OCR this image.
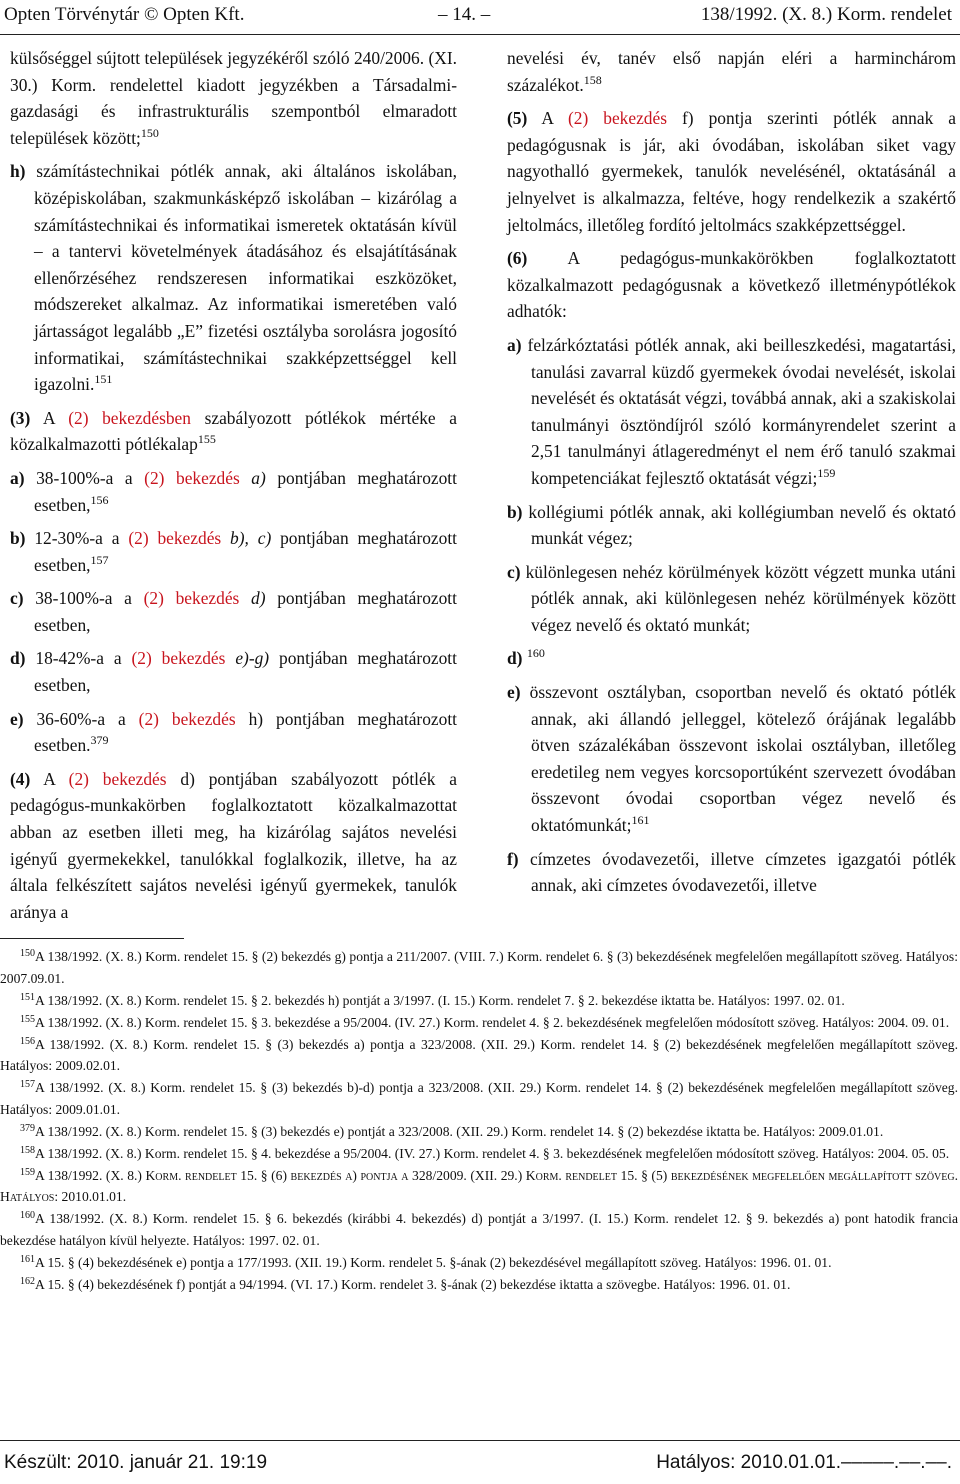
Opten Törvénytár © Opten Kft.	– 14. –	138/1992. (X. 8.) Korm. rendelet

külsőséggel sújtott települések jegyzékéről szóló 240/2006. (XI. 30.) Korm. rendelettel kiadott jegyzékben a Társadalmi-gazdasági és infrastrukturális szempontból elmaradott települések között;$^{150}$

h) számítástechnikai pótlék annak, aki általános iskolában, középiskolában, szakmunkásképző iskolában – kizárólag a számítástechnikai és informatikai ismeretek oktatásán kívül – a tantervi követelmények átadásához és elsajátításának ellenőrzéséhez rendszeresen informatikai eszközöket, módszereket alkalmaz. Az informatikai ismeretében való jártasságot legalább „E” fizetési osztályba sorolásra jogosító informatikai, számítástechnikai szakképzettséggel kell igazolni.$^{151}$

(3) A (2) bekezdésben szabályozott pótlékok mértéke a közalkalmazotti pótlékalap$^{155}$

a) 38-100%-a a (2) bekezdés a) pontjában meghatározott esetben,$^{156}$

b) 12-30%-a a (2) bekezdés b), c) pontjában meghatározott esetben,$^{157}$

c) 38-100%-a a (2) bekezdés d) pontjában meghatározott esetben,

d) 18-42%-a a (2) bekezdés e)-g) pontjában meghatározott esetben,

e) 36-60%-a a (2) bekezdés h) pontjában meghatározott esetben.$^{379}$

(4) A (2) bekezdés d) pontjában szabályozott pótlék a pedagógus-munkakörben foglalkoztatott közalkalmazottat abban az esetben illeti meg, ha kizárólag sajátos nevelési igényű gyermekekkel, tanulókkal foglalkozik, illetve, ha az általa felkészített sajátos nevelési igényű gyermekek, tanulók aránya a

nevelési év, tanév első napján eléri a harminchárom százalékot.$^{158}$

(5) A (2) bekezdés f) pontja szerinti pótlék annak a pedagógusnak is jár, aki óvodában, iskolában siket vagy nagyothalló gyermekek, tanulók nevelésénél, oktatásánál a jelnyelvet is alkalmazza, feltéve, hogy rendelkezik a szakértő jeltolmács, illetőleg fordító jeltolmács szakképzettséggel.

(6) A pedagógus-munkakörökben foglalkoztatott közalkalmazott pedagógusnak a következő illetménypótlékok adhatók:

a) felzárkóztatási pótlék annak, aki beilleszkedési, magatartási, tanulási zavarral küzdő gyermekek óvodai nevelését, iskolai nevelését és oktatását végzi, továbbá annak, aki a szakiskolai tanulmányi ösztöndíjról szóló kormányrendelet szerint a 2,51 tanulmányi átlageredményt el nem érő tanuló szakmai kompetenciákat fejlesztő oktatását végzi;$^{159}$

b) kollégiumi pótlék annak, aki kollégiumban nevelő és oktató munkát végez;

c) különlegesen nehéz körülmények között végzett munka utáni pótlék annak, aki különlegesen nehéz körülmények között végez nevelő és oktató munkát;

d) $^{160}$

e) összevont osztályban, csoportban nevelő és oktató pótlék annak, aki állandó jelleggel, kötelező órájának legalább ötven százalékában összevont iskolai osztályban, illetőleg eredetileg nem vegyes korcsoportúként szervezett óvodában összevont óvodai csoportban végez nevelő és oktatómunkát;$^{161}$

f) címzetes óvodavezetői, illetve címzetes igazgatói pótlék annak, aki címzetes óvodavezetői, illetve

$^{150}$A 138/1992. (X. 8.) Korm. rendelet 15. § (2) bekezdés g) pontja a 211/2007. (VIII. 7.) Korm. rendelet 6. § (3) bekezdésének megfelelően megállapított szöveg. Hatályos: 2007.09.01.

$^{151}$A 138/1992. (X. 8.) Korm. rendelet 15. § 2. bekezdés h) pontját a 3/1997. (I. 15.) Korm. rendelet 7. § 2. bekezdése iktatta be. Hatályos: 1997. 02. 01.

$^{155}$A 138/1992. (X. 8.) Korm. rendelet 15. § 3. bekezdése a 95/2004. (IV. 27.) Korm. rendelet 4. § 2. bekezdésének megfelelően módosított szöveg. Hatályos: 2004. 09. 01.

$^{156}$A 138/1992. (X. 8.) Korm. rendelet 15. § (3) bekezdés a) pontja a 323/2008. (XII. 29.) Korm. rendelet 14. § (2) bekezdésének megfelelően megállapított szöveg. Hatályos: 2009.02.01.

$^{157}$A 138/1992. (X. 8.) Korm. rendelet 15. § (3) bekezdés b)-d) pontja a 323/2008. (XII. 29.) Korm. rendelet 14. § (2) bekezdésének megfelelően megállapított szöveg. Hatályos: 2009.01.01.

$^{379}$A 138/1992. (X. 8.) Korm. rendelet 15. § (3) bekezdés e) pontját a 323/2008. (XII. 29.) Korm. rendelet 14. § (2) bekezdése iktatta be. Hatályos: 2009.01.01.

$^{158}$A 138/1992. (X. 8.) Korm. rendelet 15. § 4. bekezdése a 95/2004. (IV. 27.) Korm. rendelet 4. § 3. bekezdésének megfelelően módosított szöveg. Hatályos: 2004. 05. 05.

$^{159}$A 138/1992. (X. 8.) Korm. rendelet 15. § (6) bekezdés a) pontja a 328/2009. (XII. 29.) Korm. rendelet 15. § (5) bekezdésének megfelelően megállapított szöveg. Hatályos: 2010.01.01.

$^{160}$A 138/1992. (X. 8.) Korm. rendelet 15. § 6. bekezdés (kirábbi 4. bekezdés) d) pontját a 3/1997. (I. 15.) Korm. rendelet 12. § 9. bekezdés a) pont hatodik francia bekezdése hatályon kívül helyezte. Hatályos: 1997. 02. 01.

$^{161}$A 15. § (4) bekezdésének e) pontja a 177/1993. (XII. 19.) Korm. rendelet 5. §-ának (2) bekezdésével megállapított szöveg. Hatályos: 1996. 01. 01.

$^{162}$A 15. § (4) bekezdésének f) pontját a 94/1994. (VI. 17.) Korm. rendelet 3. §-ának (2) bekezdése iktatta a szövegbe. Hatályos: 1996. 01. 01.

Készült: 2010. január 21. 19:19	Hatályos: 2010.01.01.–––––.––.––.
